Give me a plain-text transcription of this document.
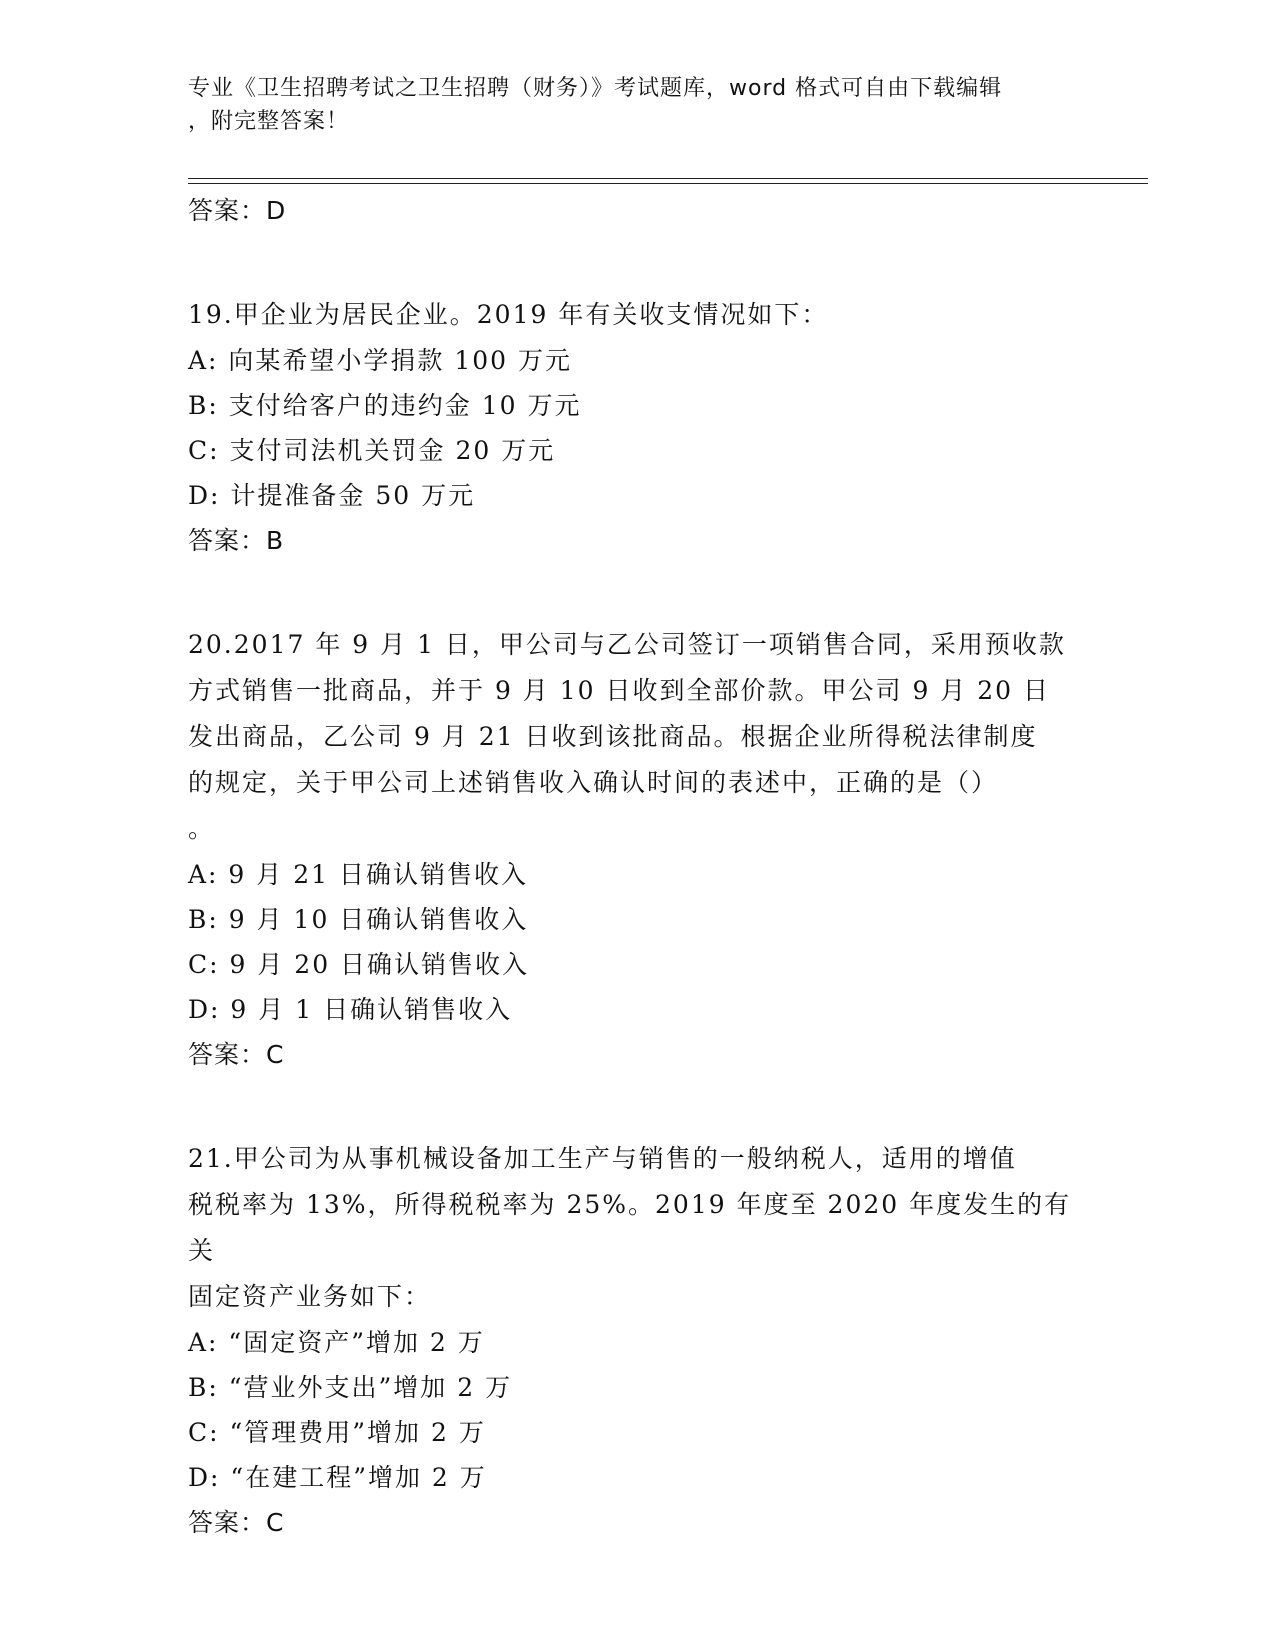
专业《卫生招聘考试之卫生招聘（财务）》考试题库，word 格式可自由下载编辑
，附完整答案！
答案：D
19.甲企业为居民企业。2019 年有关收支情况如下：
A: 向某希望小学捐款 100 万元
B: 支付给客户的违约金 10 万元
C: 支付司法机关罚金 20 万元
D: 计提准备金 50 万元
答案：B
20.2017 年 9 月 1 日，甲公司与乙公司签订一项销售合同，采用预收款
方式销售一批商品，并于 9 月 10 日收到全部价款。甲公司 9 月 20 日
发出商品，乙公司 9 月 21 日收到该批商品。根据企业所得税法律制度
的规定，关于甲公司上述销售收入确认时间的表述中，正确的是（）
。
A: 9 月 21 日确认销售收入
B: 9 月 10 日确认销售收入
C: 9 月 20 日确认销售收入
D: 9 月 1 日确认销售收入
答案：C
21.甲公司为从事机械设备加工生产与销售的一般纳税人，适用的增值
税税率为 13%，所得税税率为 25%。2019 年度至 2020 年度发生的有关
固定资产业务如下：
A: “固定资产”增加 2 万
B: “营业外支出”增加 2 万
C: “管理费用”增加 2 万
D: “在建工程”增加 2 万
答案：C
